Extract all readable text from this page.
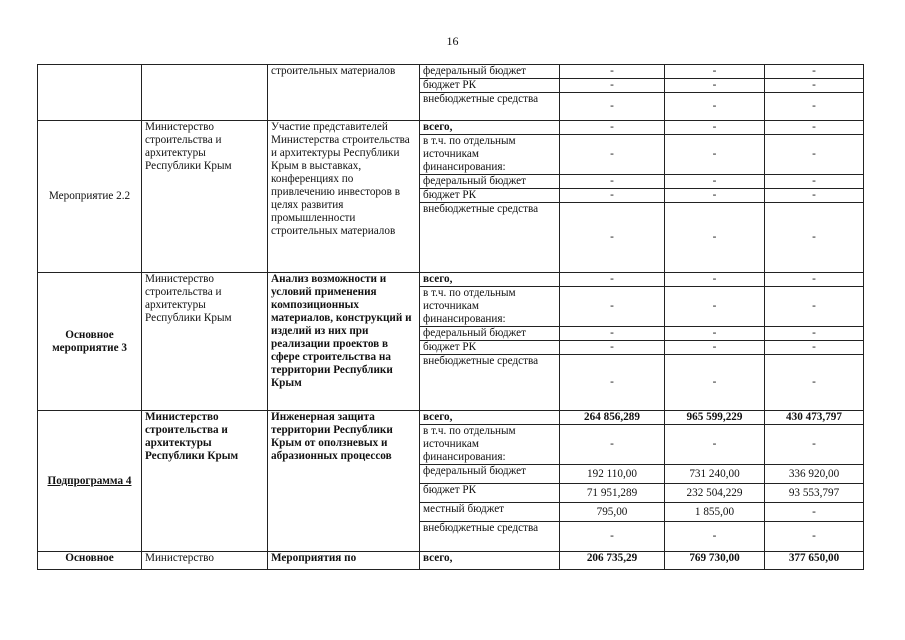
16
		строительных материалов	федеральный бюджет	-	-	-
			бюджет РК	-	-	-
			внебюджетные средства	-	-	-
Мероприятие 2.2	Министерство строительства и архитектуры Республики Крым	Участие представителей Министерства строительства и архитектуры Республики Крым в выставках, конференциях по привлечению инвесторов в целях развития промышленности строительных материалов	всего,	-	-	-
			в т.ч. по отдельным источникам финансирования:	-	-	-
			федеральный бюджет	-	-	-
			бюджет РК	-	-	-
			внебюджетные средства	-	-	-
Основное мероприятие 3	Министерство строительства и архитектуры Республики Крым	Анализ возможности и условий применения композиционных материалов, конструкций и изделий из них при реализации проектов в сфере строительства на территории Республики Крым	всего,	-	-	-
			в т.ч. по отдельным источникам финансирования:	-	-	-
			федеральный бюджет	-	-	-
			бюджет РК	-	-	-
			внебюджетные средства	-	-	-
Подпрограмма 4	Министерство строительства и архитектуры Республики Крым	Инженерная защита территории Республики Крым от оползневых и абразионных процессов	всего,	264 856,289	965 599,229	430 473,797
			в т.ч. по отдельным источникам финансирования:	-	-	-
			федеральный бюджет	192 110,00	731 240,00	336 920,00
			бюджет РК	71 951,289	232 504,229	93 553,797
			местный бюджет	795,00	1 855,00	-
			внебюджетные средства	-	-	-
Основное	Министерство	Мероприятия по	всего,	206 735,29	769 730,00	377 650,00
